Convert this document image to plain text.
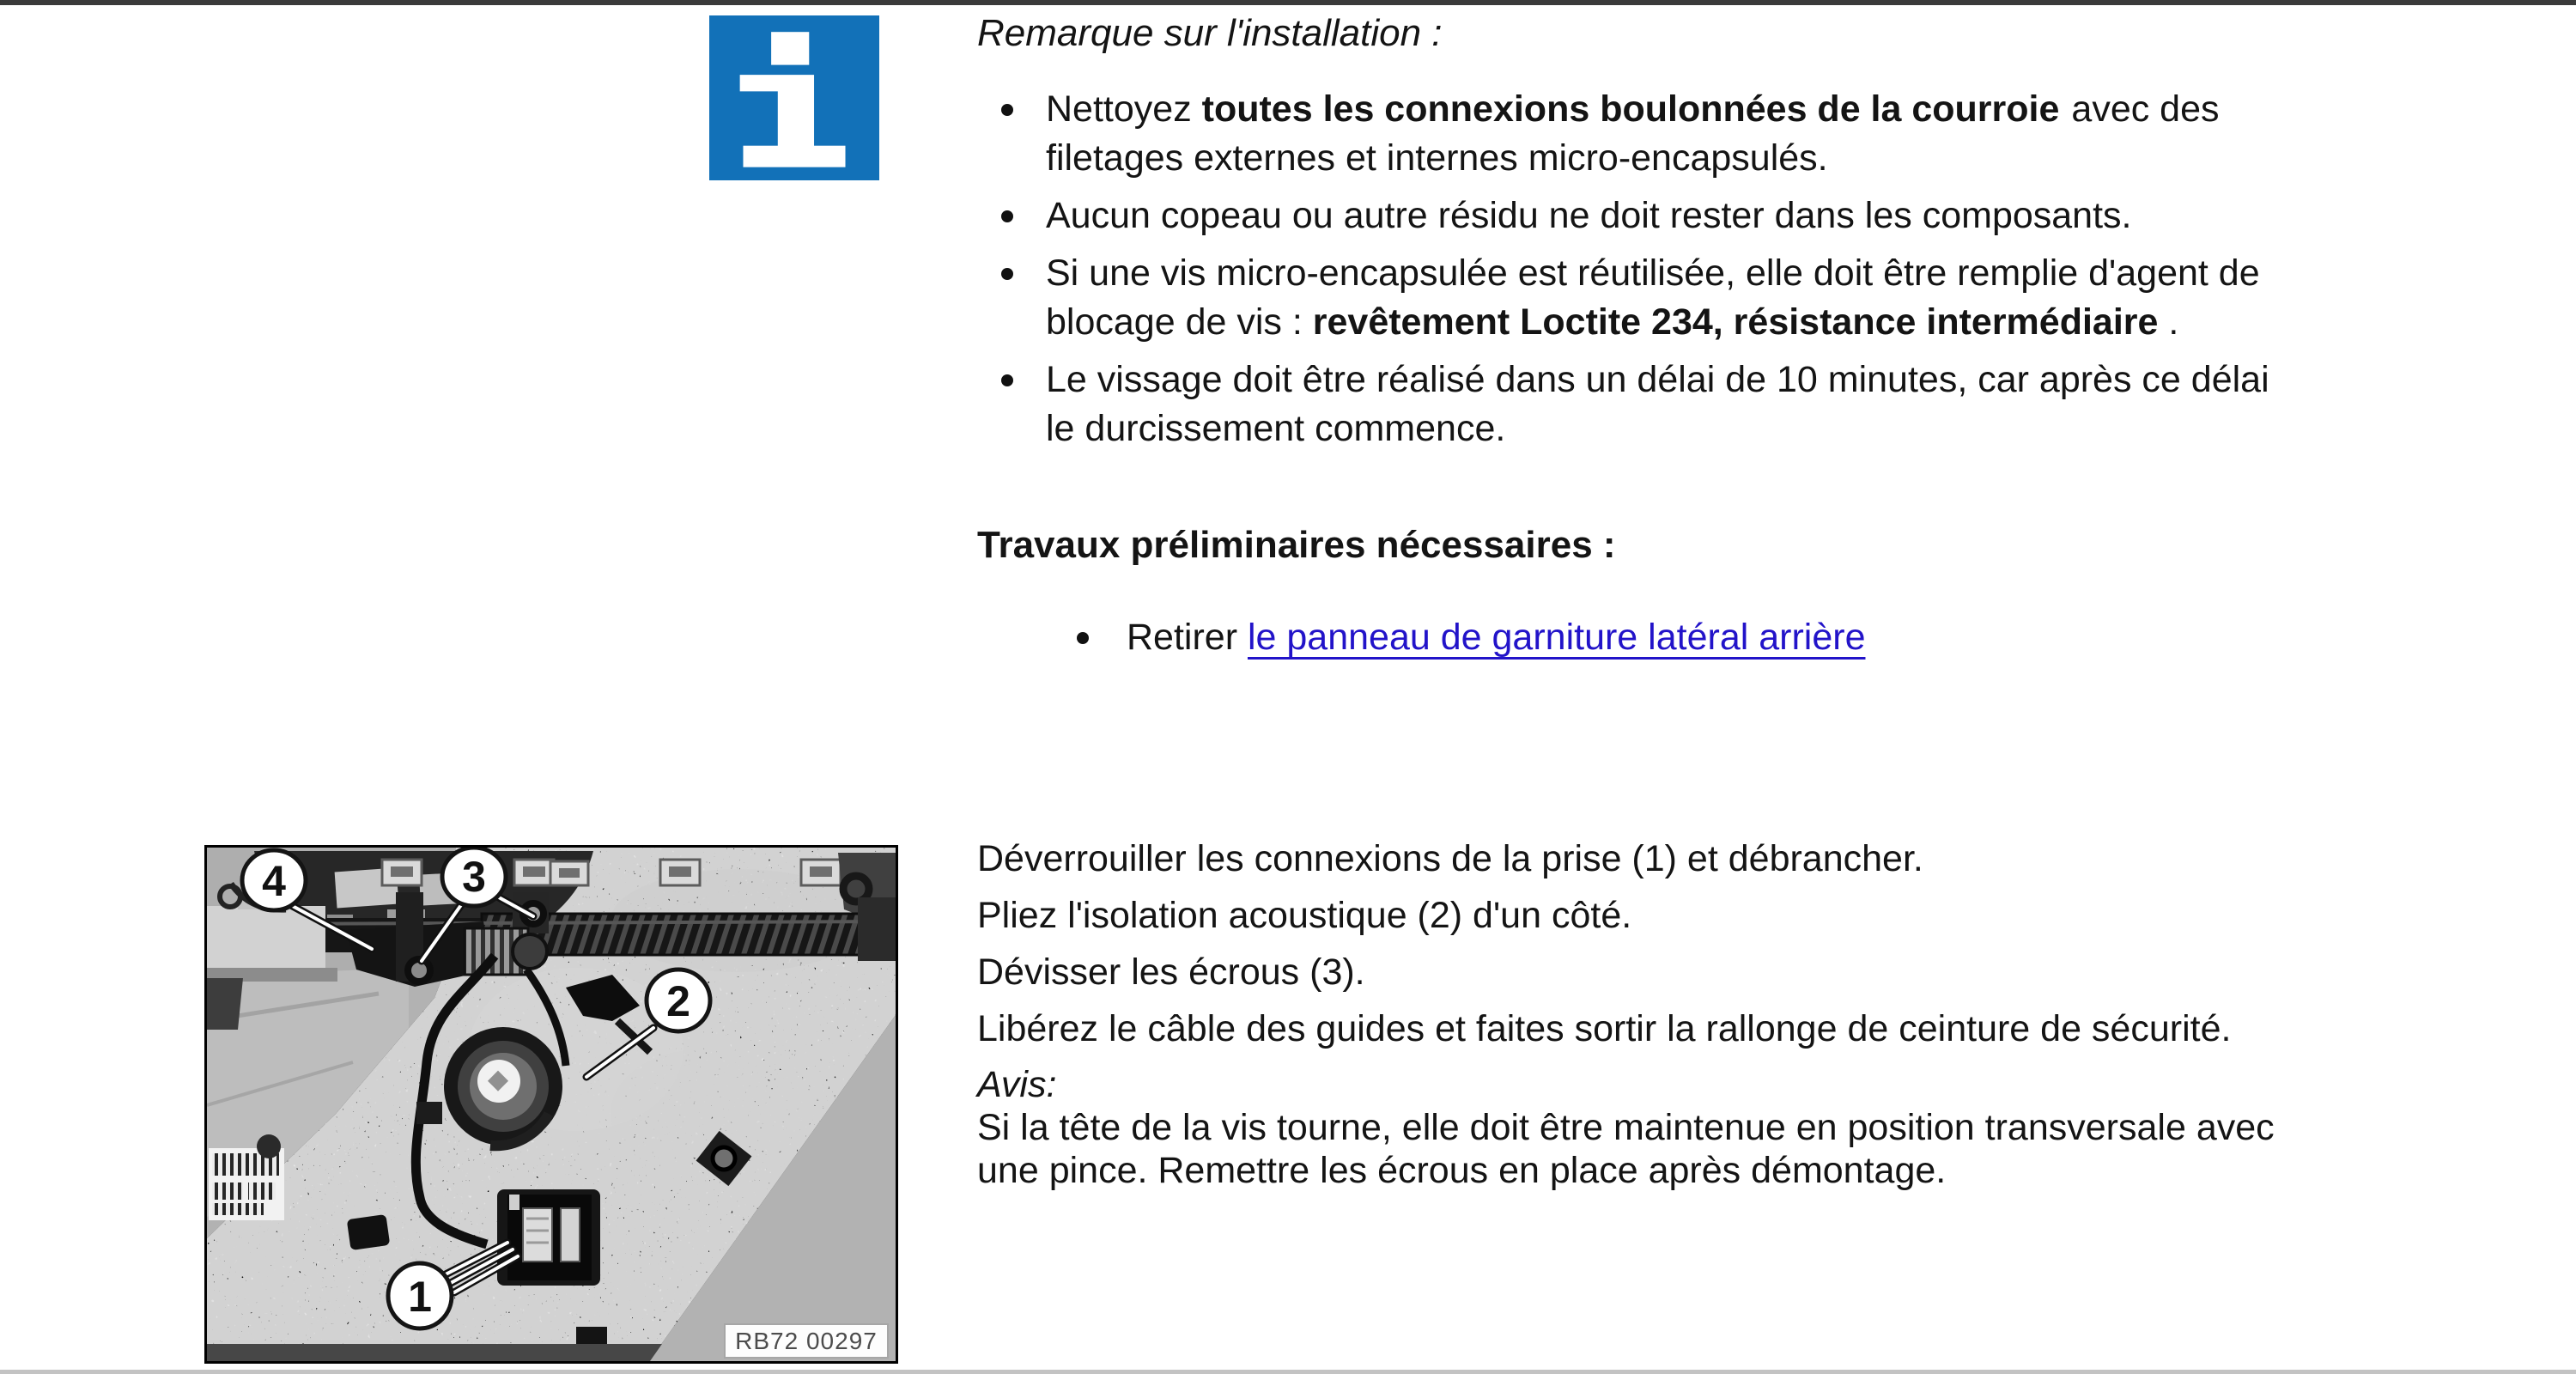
Remarque sur l'installation :
Nettoyez toutes les connexions boulonnées de la courroie avec des
filetages externes et internes micro-encapsulés.
Aucun copeau ou autre résidu ne doit rester dans les composants.
Si une vis micro-encapsulée est réutilisée, elle doit être remplie d'agent de
blocage de vis : revêtement Loctite 234, résistance intermédiaire .
Le vissage doit être réalisé dans un délai de 10 minutes, car après ce délai
le durcissement commence.
Travaux préliminaires nécessaires :
Retirer le panneau de garniture latéral arrière
4	3
2
1
RB72 00297

Déverrouiller les connexions de la prise (1) et débrancher.

Pliez l'isolation acoustique (2) d'un côté.

Dévisser les écrous (3).

Libérez le câble des guides et faites sortir la rallonge de ceinture de sécurité.

Avis:
Si la tête de la vis tourne, elle doit être maintenue en position transversale avec
une pince. Remettre les écrous en place après démontage.
